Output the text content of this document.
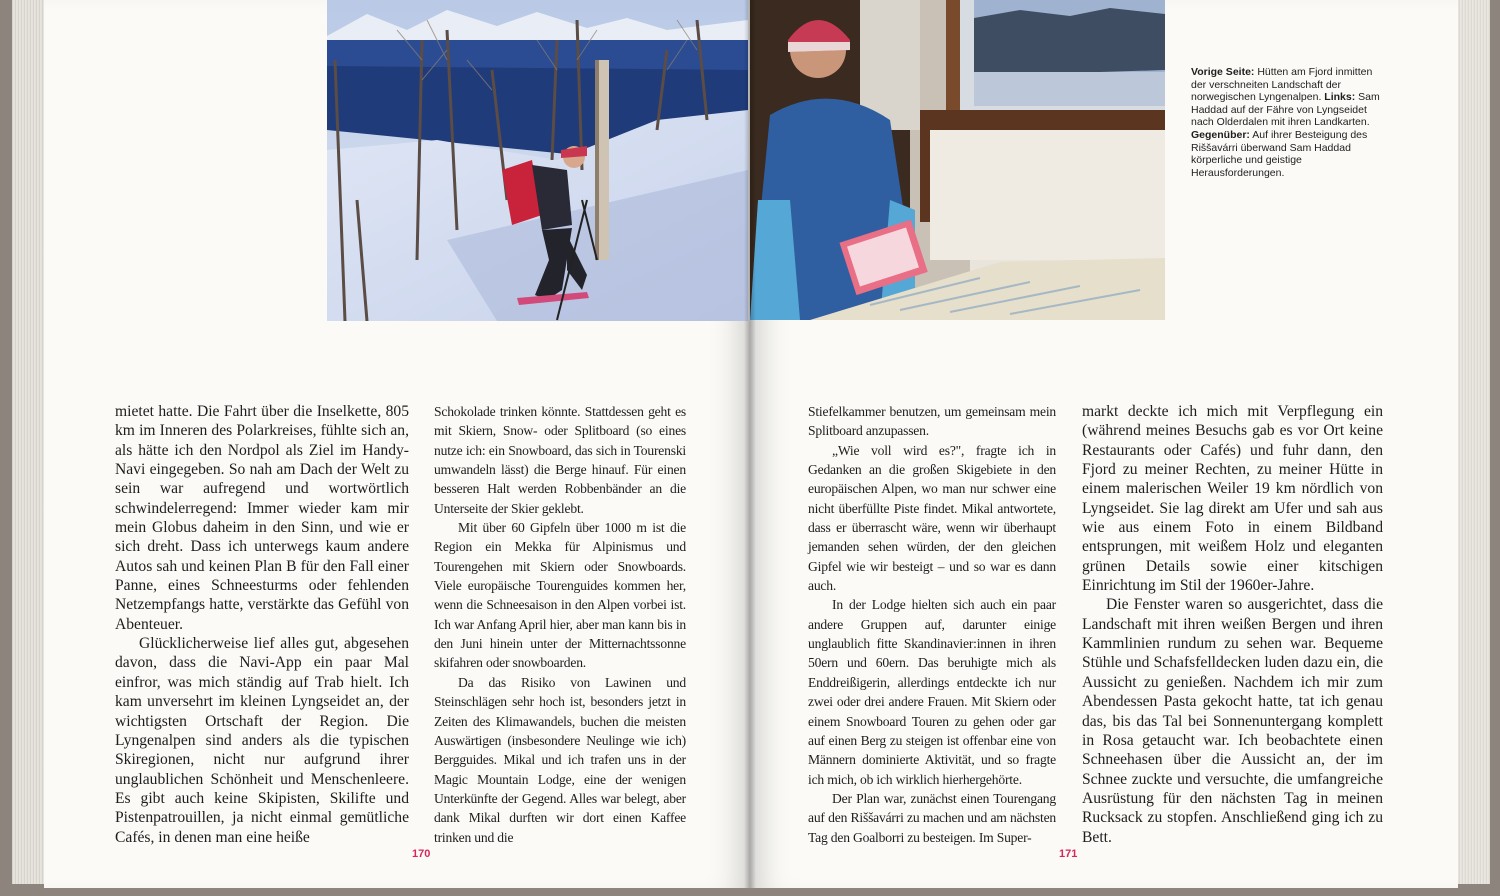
Vorige Seite: Hütten am Fjord inmitten der verschneiten Landschaft der norwegischen Lyngenalpen. Links: Sam Haddad auf der Fähre von Lyngseidet nach Olderdalen mit ihren Landkarten. Gegenüber: Auf ihrer Besteigung des Riššavárri überwand Sam Haddad körperliche und geistige Herausforderungen.

mietet hatte. Die Fahrt über die Inselkette, 805 km im Inneren des Polarkreises, fühlte sich an, als hätte ich den Nordpol als Ziel im Handy-Navi eingegeben. So nah am Dach der Welt zu sein war aufregend und wortwörtlich schwindelerregend: Immer wieder kam mir mein Globus daheim in den Sinn, und wie er sich dreht. Dass ich unterwegs kaum andere Autos sah und keinen Plan B für den Fall einer Panne, eines Schneesturms oder fehlenden Netzempfangs hatte, verstärkte das Gefühl von Abenteuer.

Glücklicherweise lief alles gut, abgesehen davon, dass die Navi-App ein paar Mal einfror, was mich ständig auf Trab hielt. Ich kam unversehrt im kleinen Lyngseidet an, der wichtigsten Ortschaft der Region. Die Lyngenalpen sind anders als die typischen Skiregionen, nicht nur aufgrund ihrer unglaublichen Schönheit und Menschenleere. Es gibt auch keine Skipisten, Skilifte und Pistenpatrouillen, ja nicht einmal gemütliche Cafés, in denen man eine heiße

Schokolade trinken könnte. Stattdessen geht es mit Skiern, Snow- oder Splitboard (so eines nutze ich: ein Snowboard, das sich in Tourenski umwandeln lässt) die Berge hinauf. Für einen besseren Halt werden Robbenbänder an die Unterseite der Skier geklebt.

Mit über 60 Gipfeln über 1000 m ist die Region ein Mekka für Alpinismus und Tourengehen mit Skiern oder Snowboards. Viele europäische Tourenguides kommen her, wenn die Schneesaison in den Alpen vorbei ist. Ich war Anfang April hier, aber man kann bis in den Juni hinein unter der Mitternachtssonne skifahren oder snowboarden.

Da das Risiko von Lawinen und Steinschlägen sehr hoch ist, besonders jetzt in Zeiten des Klimawandels, buchen die meisten Auswärtigen (insbesondere Neulinge wie ich) Bergguides. Mikal und ich trafen uns in der Magic Mountain Lodge, eine der wenigen Unterkünfte der Gegend. Alles war belegt, aber dank Mikal durften wir dort einen Kaffee trinken und die

Stiefelkammer benutzen, um gemeinsam mein Splitboard anzupassen.

„Wie voll wird es?", fragte ich in Gedanken an die großen Skigebiete in den europäischen Alpen, wo man nur schwer eine nicht überfüllte Piste findet. Mikal antwortete, dass er überrascht wäre, wenn wir überhaupt jemanden sehen würden, der den gleichen Gipfel wie wir besteigt – und so war es dann auch.

In der Lodge hielten sich auch ein paar andere Gruppen auf, darunter einige unglaublich fitte Skandinavier:innen in ihren 50ern und 60ern. Das beruhigte mich als Enddreißigerin, allerdings entdeckte ich nur zwei oder drei andere Frauen. Mit Skiern oder einem Snowboard Touren zu gehen oder gar auf einen Berg zu steigen ist offenbar eine von Männern dominierte Aktivität, und so fragte ich mich, ob ich wirklich hierhergehörte.

Der Plan war, zunächst einen Tourengang auf den Riššavárri zu machen und am nächsten Tag den Goalborri zu besteigen. Im Super-

markt deckte ich mich mit Verpflegung ein (während meines Besuchs gab es vor Ort keine Restaurants oder Cafés) und fuhr dann, den Fjord zu meiner Rechten, zu meiner Hütte in einem malerischen Weiler 19 km nördlich von Lyngseidet. Sie lag direkt am Ufer und sah aus wie aus einem Foto in einem Bildband entsprungen, mit weißem Holz und eleganten grünen Details sowie einer kitschigen Einrichtung im Stil der 1960er-Jahre.

Die Fenster waren so ausgerichtet, dass die Landschaft mit ihren weißen Bergen und ihren Kammlinien rundum zu sehen war. Bequeme Stühle und Schafsfelldecken luden dazu ein, die Aussicht zu genießen. Nachdem ich mir zum Abendessen Pasta gekocht hatte, tat ich genau das, bis das Tal bei Sonnenuntergang komplett in Rosa getaucht war. Ich beobachtete einen Schneehasen über die Aussicht an, der im Schnee zuckte und versuchte, die umfangreiche Ausrüstung für den nächsten Tag in meinen Rucksack zu stopfen. Anschließend ging ich zu Bett.

170	171
